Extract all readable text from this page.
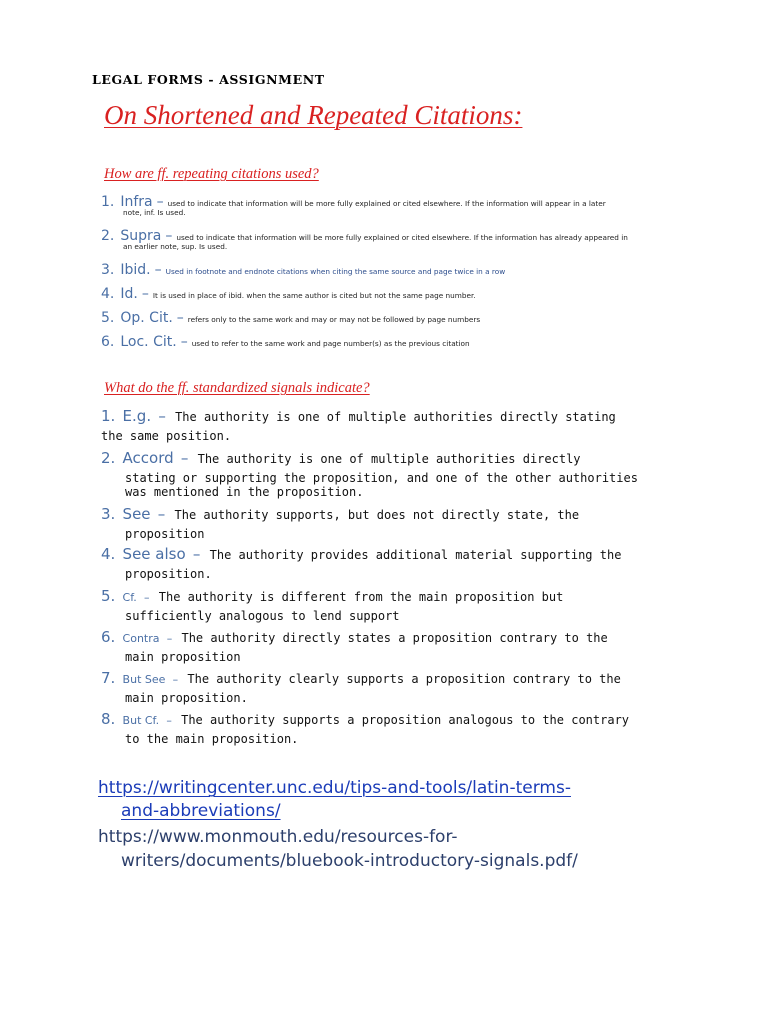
LEGAL FORMS - ASSIGNMENT
On Shortened and Repeated Citations:
How are ff. repeating citations used?
1. Infra – used to indicate that information will be more fully explained or cited elsewhere. If the information will appear in a later
note, inf. Is used.
2. Supra – used to indicate that information will be more fully explained or cited elsewhere. If the information has already appeared in
an earlier note, sup. Is used.
3. Ibid. – Used in footnote and endnote citations when citing the same source and page twice in a row
4. Id. – It is used in place of ibid. when the same author is cited but not the same page number.
5. Op. Cit. – refers only to the same work and may or may not be followed by page numbers
6. Loc. Cit. – used to refer to the same work and page number(s) as the previous citation
What do the ff. standardized signals indicate?
1. E.g. – The authority is one of multiple authorities directly stating
the same position.
2. Accord – The authority is one of multiple authorities directly
stating or supporting the proposition, and one of the other authorities
was mentioned in the proposition.
3. See – The authority supports, but does not directly state, the
proposition
4. See also – The authority provides additional material supporting the
proposition.
5. Cf. – The authority is different from the main proposition but
sufficiently analogous to lend support
6. Contra – The authority directly states a proposition contrary to the
main proposition
7. But See – The authority clearly supports a proposition contrary to the
main proposition.
8. But Cf. – The authority supports a proposition analogous to the contrary
to the main proposition.
https://writingcenter.unc.edu/tips-and-tools/latin-terms-
and-abbreviations/
https://www.monmouth.edu/resources-for-
writers/documents/bluebook-introductory-signals.pdf/
